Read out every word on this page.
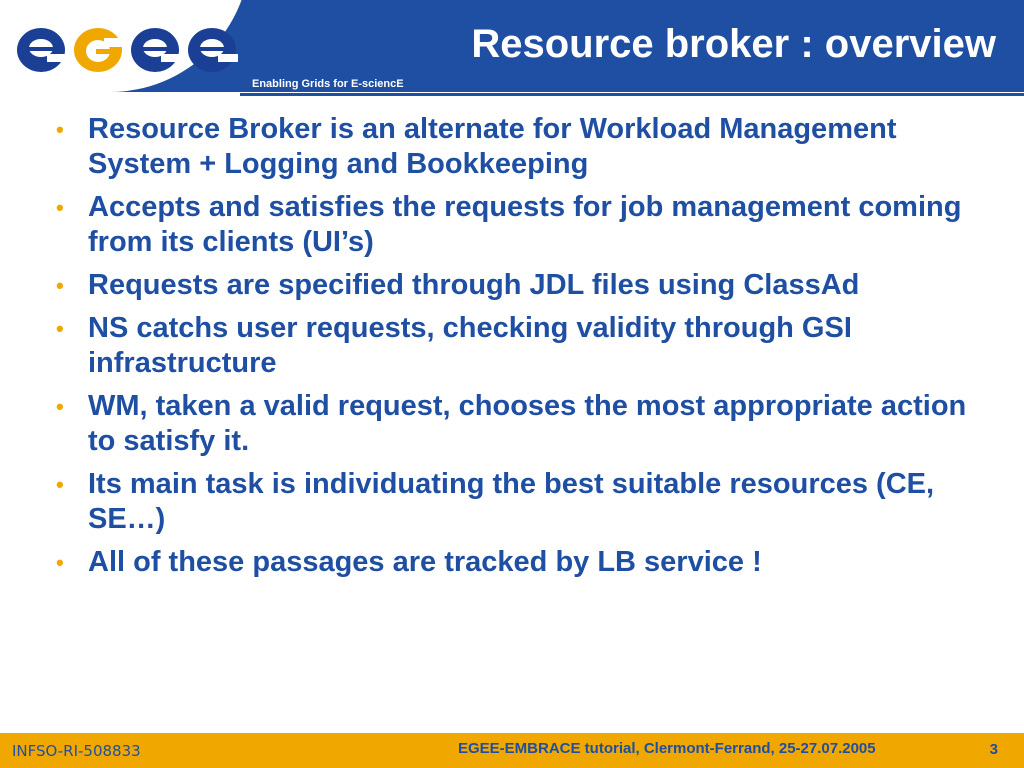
Resource broker : overview

Enabling Grids for E-sciencE

• Resource Broker is an alternate for Workload Management System + Logging and Bookkeeping
• Accepts and satisfies the requests for job management coming from its clients (UI’s)
• Requests are specified through JDL files using ClassAd
• NS catchs user requests, checking validity through GSI infrastructure
• WM, taken a valid request, chooses the most appropriate action to satisfy it.
• Its main task is individuating the best suitable resources (CE, SE…)
• All of these passages are tracked by LB service !

INFSO-RI-508833	EGEE-EMBRACE tutorial, Clermont-Ferrand, 25-27.07.2005	3
